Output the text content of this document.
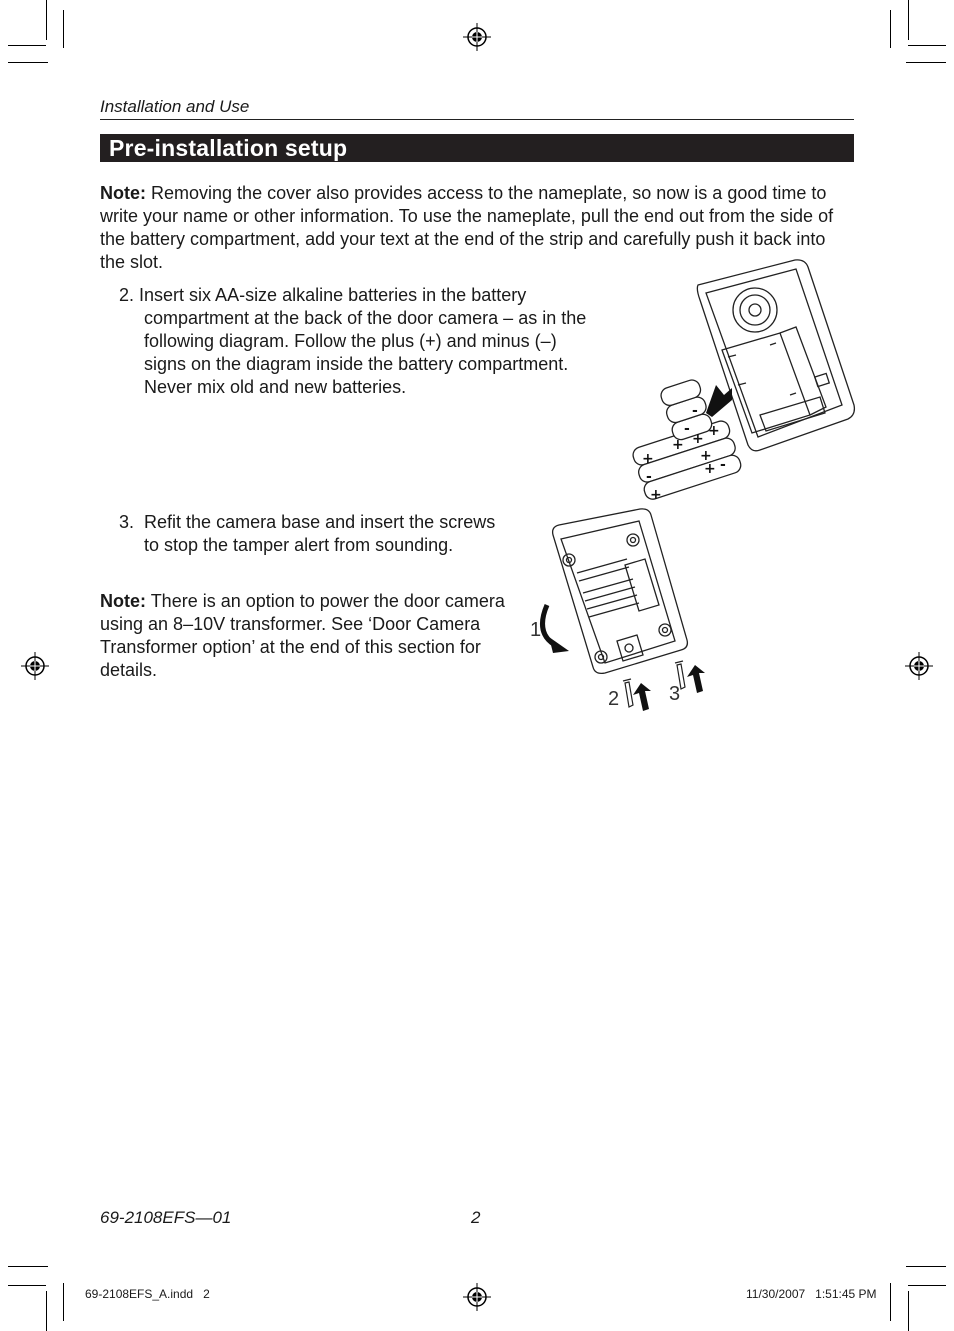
Installation and Use
Pre-installation setup

Note: Removing the cover also provides access to the nameplate, so now is a good time to write your name or other information. To use the nameplate, pull the end out from the side of the battery compartment, add your text at the end of the strip and carefully push it back into the slot.

2. Insert six AA-size alkaline batteries in the battery compartment at the back of the door camera – as in the following diagram. Follow the plus (+) and minus (–) signs on the diagram inside the battery compartment. Never mix old and new batteries.

3. Refit the camera base and insert the screws to stop the tamper alert from sounding.

Note: There is an option to power the door camera using an 8–10V transformer. See ‘Door Camera Transformer option’ at the end of this section for details.

+
-
+
+ +
+
+
+
-
-
-
1
2 3
69-2108EFS—01	2
69-2108EFS_A.indd   2	11/30/2007   1:51:45 PM
